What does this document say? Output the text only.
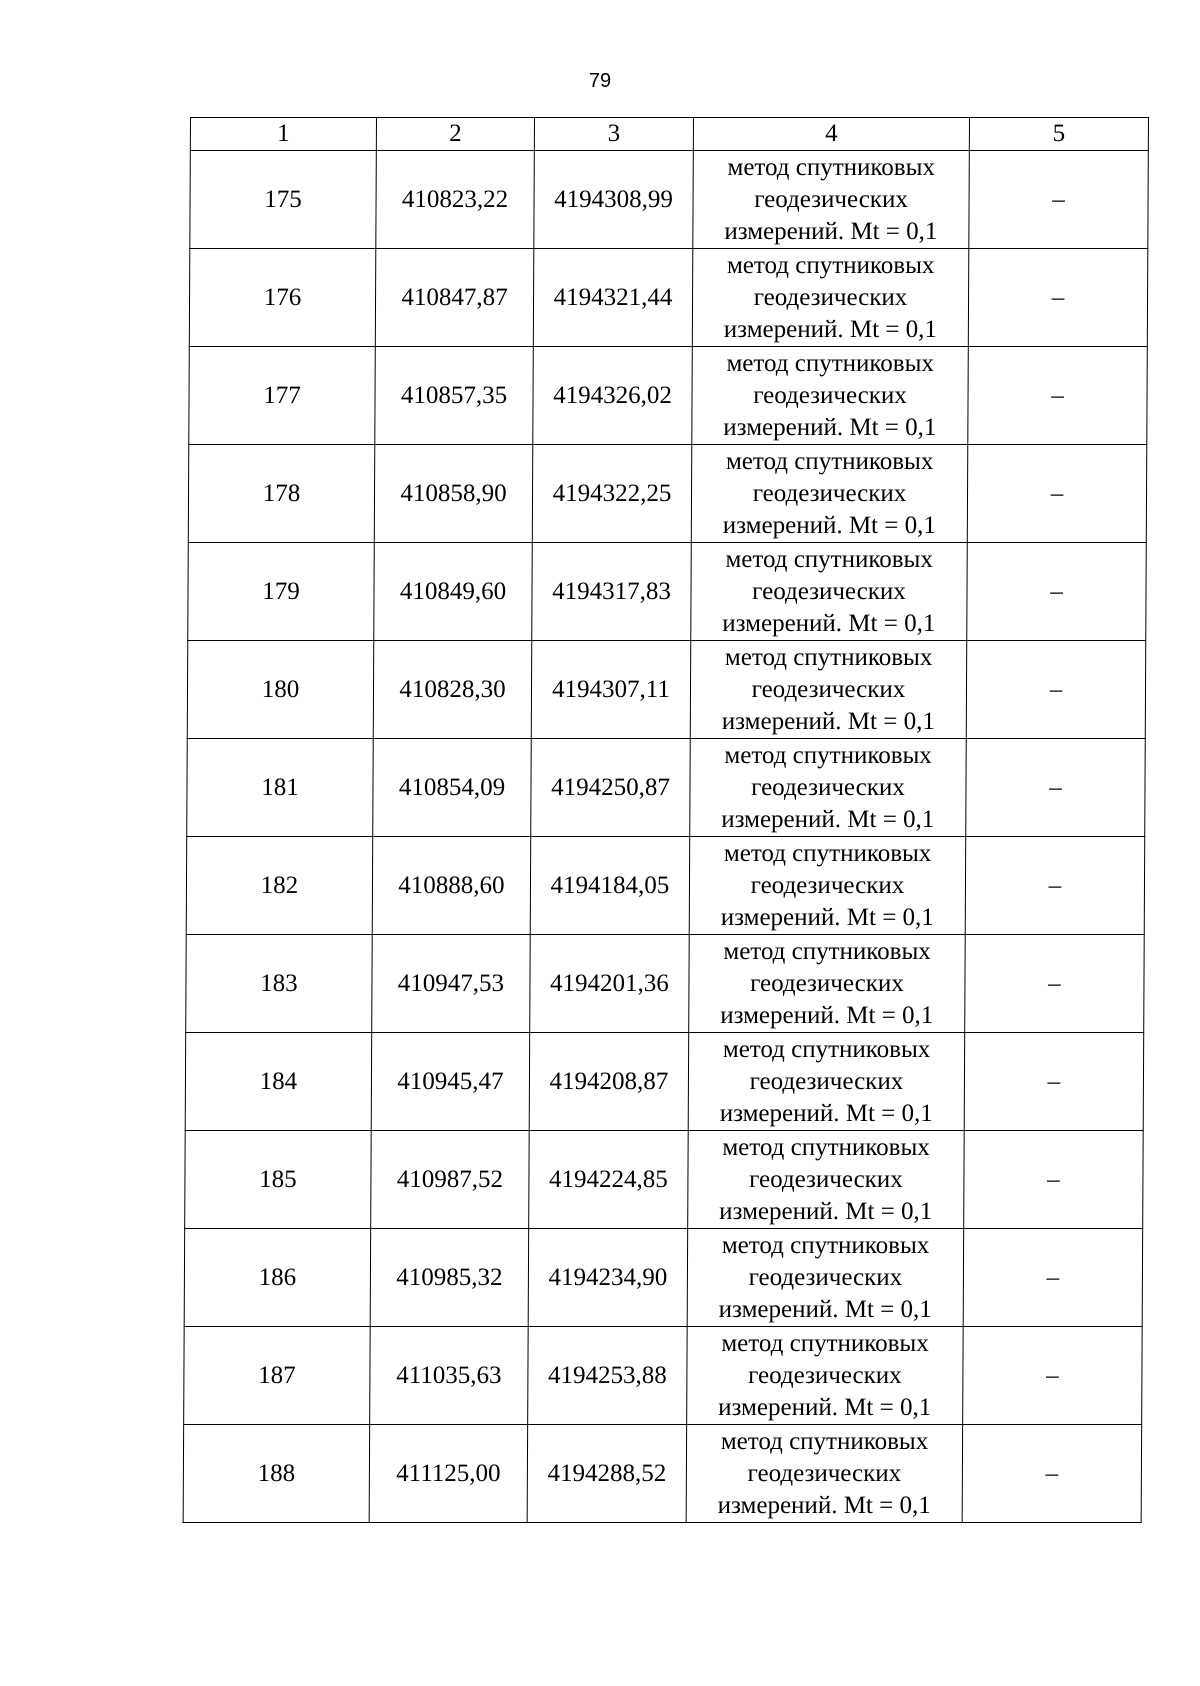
79
1	2	3	4	5
175	410823,22	4194308,99	метод спутниковых
геодезических
измерений. Mt = 0,1	–
176	410847,87	4194321,44	метод спутниковых
геодезических
измерений. Mt = 0,1	–
177	410857,35	4194326,02	метод спутниковых
геодезических
измерений. Mt = 0,1	–
178	410858,90	4194322,25	метод спутниковых
геодезических
измерений. Mt = 0,1	–
179	410849,60	4194317,83	метод спутниковых
геодезических
измерений. Mt = 0,1	–
180	410828,30	4194307,11	метод спутниковых
геодезических
измерений. Mt = 0,1	–
181	410854,09	4194250,87	метод спутниковых
геодезических
измерений. Mt = 0,1	–
182	410888,60	4194184,05	метод спутниковых
геодезических
измерений. Mt = 0,1	–
183	410947,53	4194201,36	метод спутниковых
геодезических
измерений. Mt = 0,1	–
184	410945,47	4194208,87	метод спутниковых
геодезических
измерений. Mt = 0,1	–
185	410987,52	4194224,85	метод спутниковых
геодезических
измерений. Mt = 0,1	–
186	410985,32	4194234,90	метод спутниковых
геодезических
измерений. Mt = 0,1	–
187	411035,63	4194253,88	метод спутниковых
геодезических
измерений. Mt = 0,1	–
188	411125,00	4194288,52	метод спутниковых
геодезических
измерений. Mt = 0,1	–
